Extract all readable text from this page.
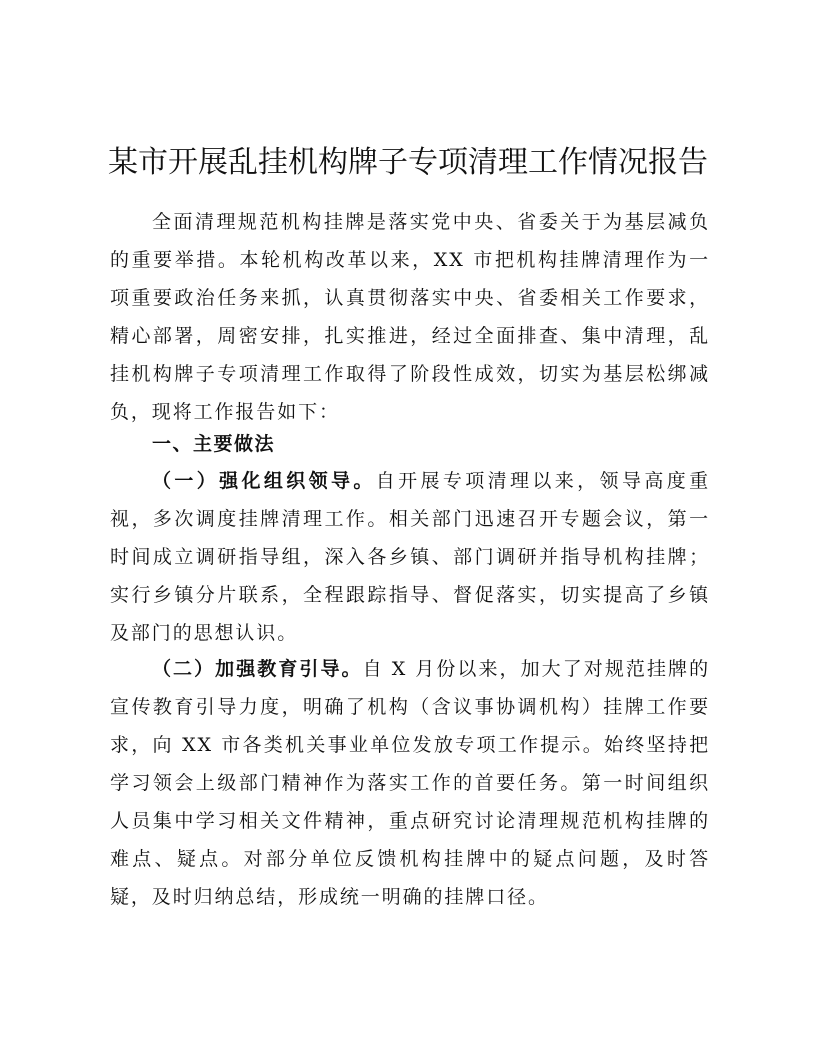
某市开展乱挂机构牌子专项清理工作情况报告
全面清理规范机构挂牌是落实党中央、省委关于为基层减负的重要举措。本轮机构改革以来，XX 市把机构挂牌清理作为一项重要政治任务来抓，认真贯彻落实中央、省委相关工作要求，精心部署，周密安排，扎实推进，经过全面排查、集中清理，乱挂机构牌子专项清理工作取得了阶段性成效，切实为基层松绑减负，现将工作报告如下：
一、主要做法
（一）强化组织领导。自开展专项清理以来，领导高度重视，多次调度挂牌清理工作。相关部门迅速召开专题会议，第一时间成立调研指导组，深入各乡镇、部门调研并指导机构挂牌；实行乡镇分片联系，全程跟踪指导、督促落实，切实提高了乡镇及部门的思想认识。
（二）加强教育引导。自 X 月份以来，加大了对规范挂牌的宣传教育引导力度，明确了机构（含议事协调机构）挂牌工作要求，向 XX 市各类机关事业单位发放专项工作提示。始终坚持把学习领会上级部门精神作为落实工作的首要任务。第一时间组织人员集中学习相关文件精神，重点研究讨论清理规范机构挂牌的难点、疑点。对部分单位反馈机构挂牌中的疑点问题，及时答疑，及时归纳总结，形成统一明确的挂牌口径。
